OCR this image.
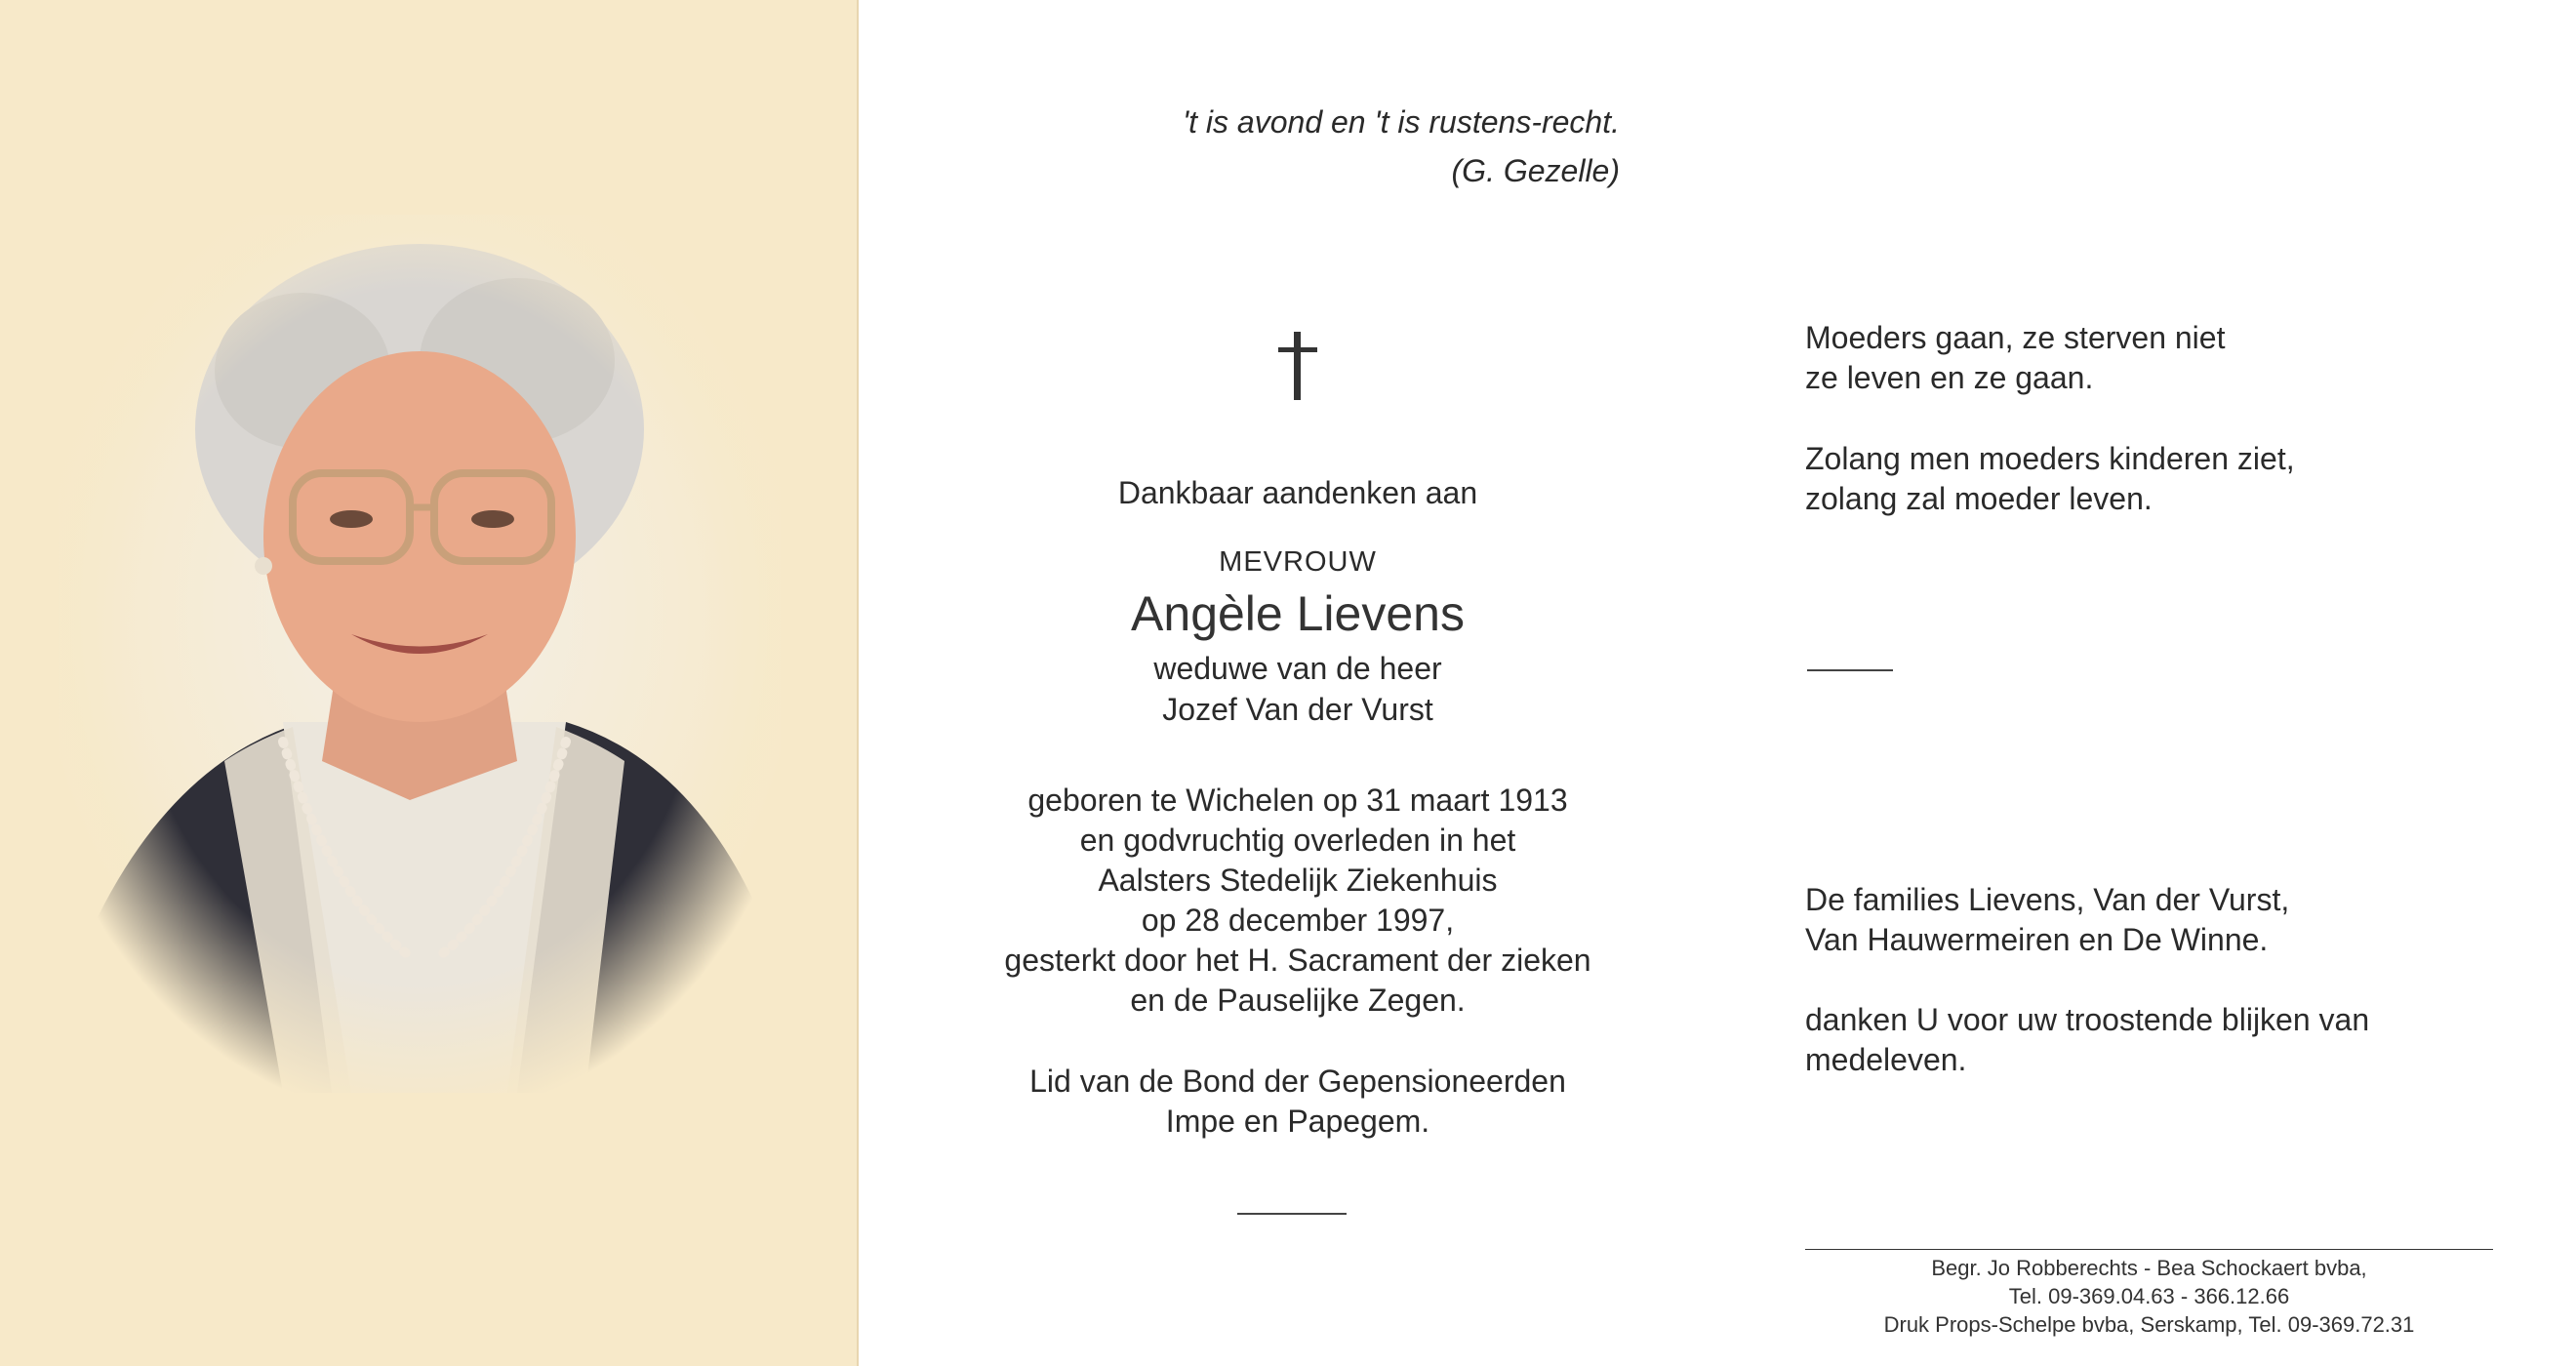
't is avond en 't is rustens-recht.
(G. Gezelle)
Dankbaar aandenken aan
MEVROUW
Angèle Lievens
weduwe van de heer
Jozef Van der Vurst
geboren te Wichelen op 31 maart 1913
en godvruchtig overleden in het
Aalsters Stedelijk Ziekenhuis
op 28 december 1997,
gesterkt door het H. Sacrament der zieken
en de Pauselijke Zegen.
Lid van de Bond der Gepensioneerden
Impe en Papegem.
Moeders gaan, ze sterven niet
ze leven en ze gaan.
Zolang men moeders kinderen ziet,
zolang zal moeder leven.
De families Lievens, Van der Vurst,
Van Hauwermeiren en De Winne.
danken U voor uw troostende blijken van
medeleven.
Begr. Jo Robberechts - Bea Schockaert bvba,
Tel. 09-369.04.63 - 366.12.66
Druk Props-Schelpe bvba, Serskamp, Tel. 09-369.72.31
